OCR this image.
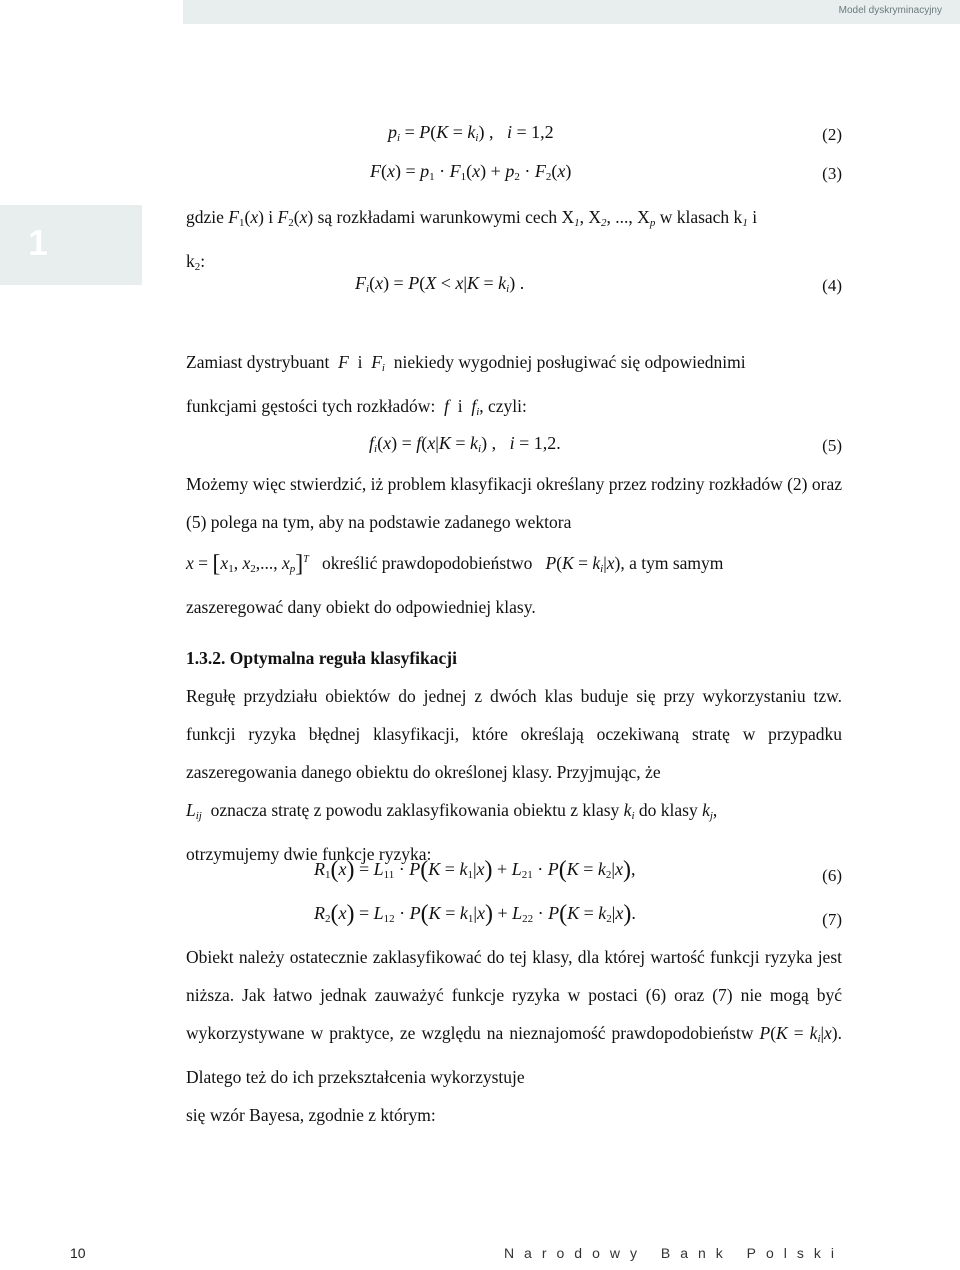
Model dyskryminacyjny
1
$p_i = P(K = k_i)$ ,   i = 1,2	(2)
$F(x) = p_1 \cdot F_1(x) + p_2 \cdot F_2(x)$	(3)
gdzie $F_1(x)$ i $F_2(x)$ są rozkładami warunkowymi cech $X_1$, $X_2$, ..., $X_p$ w klasach $k_1$ i
$k_2$:
$F_i(x) = P(X < x|K = k_i)$ .	(4)
Zamiast dystrybuant F  i  $F_i$ niekiedy wygodniej posługiwać się odpowiednimi
funkcjami gęstości tych rozkładów: f  i  $f_i$, czyli:
$f_i(x) = f(x|K = k_i)$ ,   i = 1,2.	(5)
Możemy więc stwierdzić, iż problem klasyfikacji określany przez rodziny rozkładów (2) oraz (5) polega na tym, aby na podstawie zadanego wektora
$x = [x_1$, $x_2$,..., $x_p]^T$ określić prawdopodobieństwo $P(K = k_i|x)$, a tym samym
zaszeregować dany obiekt do odpowiedniej klasy.
1.3.2. Optymalna reguła klasyfikacji
Regułę przydziału obiektów do jednej z dwóch klas buduje się przy wykorzystaniu tzw. funkcji ryzyka błędnej klasyfikacji, które określają oczekiwaną stratę w przypadku zaszeregowania danego obiektu do określonej klasy. Przyjmując, że
$L_{ij}$ oznacza stratę z powodu zaklasyfikowania obiektu z klasy $k_i$ do klasy $k_j$,
otrzymujemy dwie funkcje ryzyka:
$R_1(x) = L_{11} \cdot P(K = k_1|x) + L_{21} \cdot P(K = k_2|x)$,	(6)
$R_2(x) = L_{12} \cdot P(K = k_1|x) + L_{22} \cdot P(K = k_2|x)$.	(7)
Obiekt należy ostatecznie zaklasyfikować do tej klasy, dla której wartość funkcji ryzyka jest niższa. Jak łatwo jednak zauważyć funkcje ryzyka w postaci (6) oraz (7) nie mogą być wykorzystywane w praktyce, ze względu na nieznajomość prawdopodobieństw $P(K = k_i|x)$. Dlatego też do ich przekształcenia wykorzystuje
się wzór Bayesa, zgodnie z którym:
10	Narodowy Bank Polski
